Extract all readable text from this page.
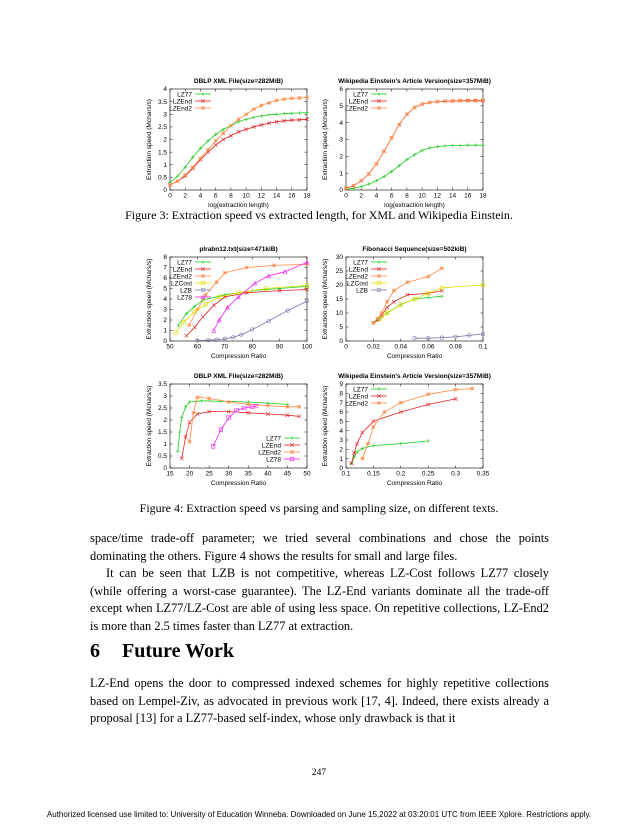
DBLP XML File(size=282MiB)
0 2 4 6 8 10 12 14 16 18
0
0.5
1
1.5
2
2.5
3
3.5
4
log(extraction length)
Extraction speed (Mchars/s)
LZ77
LZEnd
LZEnd2
Wikipedia Einstein's Article Version(size=357MiB)
0 2 4 6 8 10 12 14 16 18
0
1
2
3
4
5
6
log(extraction length)
Extraction speed (Mchars/s)
LZ77
LZEnd
LZEnd2
Figure 3: Extraction speed vs extracted length, for XML and Wikipedia Einstein.
plrabn12.txt(size=471kiB)
50	60	70	80	90	100
0
1
2
3
4
5
6
7
8
Compression Ratio
Extraction speed (Mchars/s)	LZ77
LZEnd
LZEnd2
LZCost
LZB
LZ78
Fibonacci Sequence(size=502kiB)
0	0.02 0.04 0.06 0.08	0.1
0
5
10
15
20
25
30
Compression Ratio
Extraction speed (Mchars/s)	LZ77
LZEnd
LZEnd2
LZCost
LZB
DBLP XML File(size=282MiB)
15 20 25 30 35 40 45 50
0
0.5
1
1.5
2
2.5
3
3.5
Compression Ratio
Extraction speed (Mchars/s)	LZ77
LZEnd
LZEnd2
LZ78
Wikipedia Einstein's Article Version(size=357MiB)
0.1	0.15	0.2	0.25	0.3	0.35
0
1
2
3
4
5
6
7
8
9
Compression Ratio
Extraction speed (Mchars/s)	LZ77
LZEnd
LZEnd2
Figure 4: Extraction speed vs parsing and sampling size, on different texts.
space/time trade-off parameter; we tried several combinations and chose the points dominating the others. Figure 4 shows the results for small and large files.
It can be seen that LZB is not competitive, whereas LZ-Cost follows LZ77 closely (while offering a worst-case guarantee). The LZ-End variants dominate all the trade-off except when LZ77/LZ-Cost are able of using less space. On repetitive collections, LZ-End2 is more than 2.5 times faster than LZ77 at extraction.
6 Future Work
LZ-End opens the door to compressed indexed schemes for highly repetitive collections based on Lempel-Ziv, as advocated in previous work [17, 4]. Indeed, there exists already a proposal [13] for a LZ77-based self-index, whose only drawback is that it
247
Authorized licensed use limited to: University of Education Winneba. Downloaded on June 15,2022 at 03:20:01 UTC from IEEE Xplore. Restrictions apply.
